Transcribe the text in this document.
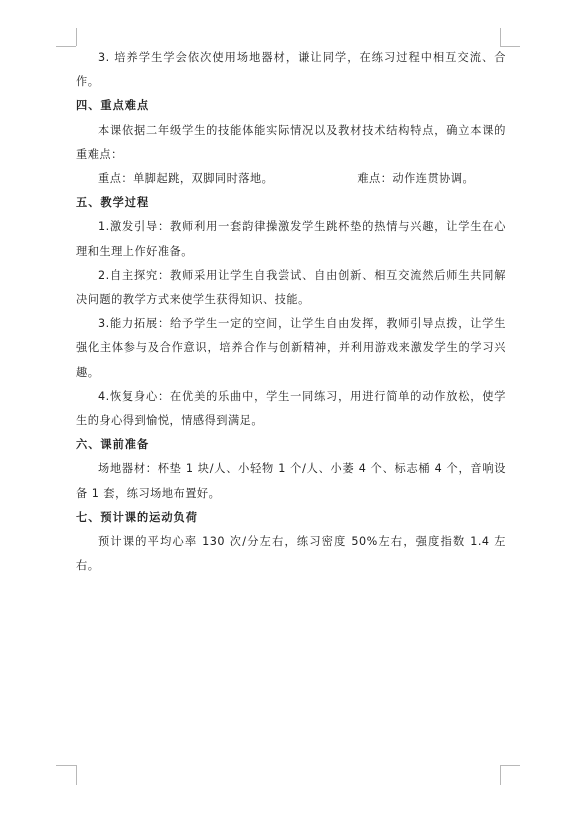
3. 培养学生学会依次使用场地器材，谦让同学，在练习过程中相互交流、合作。

四、重点难点

本课依据二年级学生的技能体能实际情况以及教材技术结构特点，确立本课的重难点：

重点：单脚起跳，双脚同时落地。	难点：动作连贯协调。

五、教学过程

1.激发引导：教师利用一套韵律操激发学生跳杯垫的热情与兴趣，让学生在心理和生理上作好准备。

2.自主探究：教师采用让学生自我尝试、自由创新、相互交流然后师生共同解决问题的教学方式来使学生获得知识、技能。

3.能力拓展：给予学生一定的空间，让学生自由发挥，教师引导点拨，让学生强化主体参与及合作意识，培养合作与创新精神，并利用游戏来激发学生的学习兴趣。

4.恢复身心：在优美的乐曲中，学生一同练习，用进行简单的动作放松，使学生的身心得到愉悦，情感得到满足。

六、课前准备

场地器材：杯垫 1 块/人、小轻物 1 个/人、小萎 4 个、标志桶 4 个，音响设备 1 套，练习场地布置好。

七、预计课的运动负荷

预计课的平均心率 130 次/分左右，练习密度 50%左右，强度指数 1.4 左右。
